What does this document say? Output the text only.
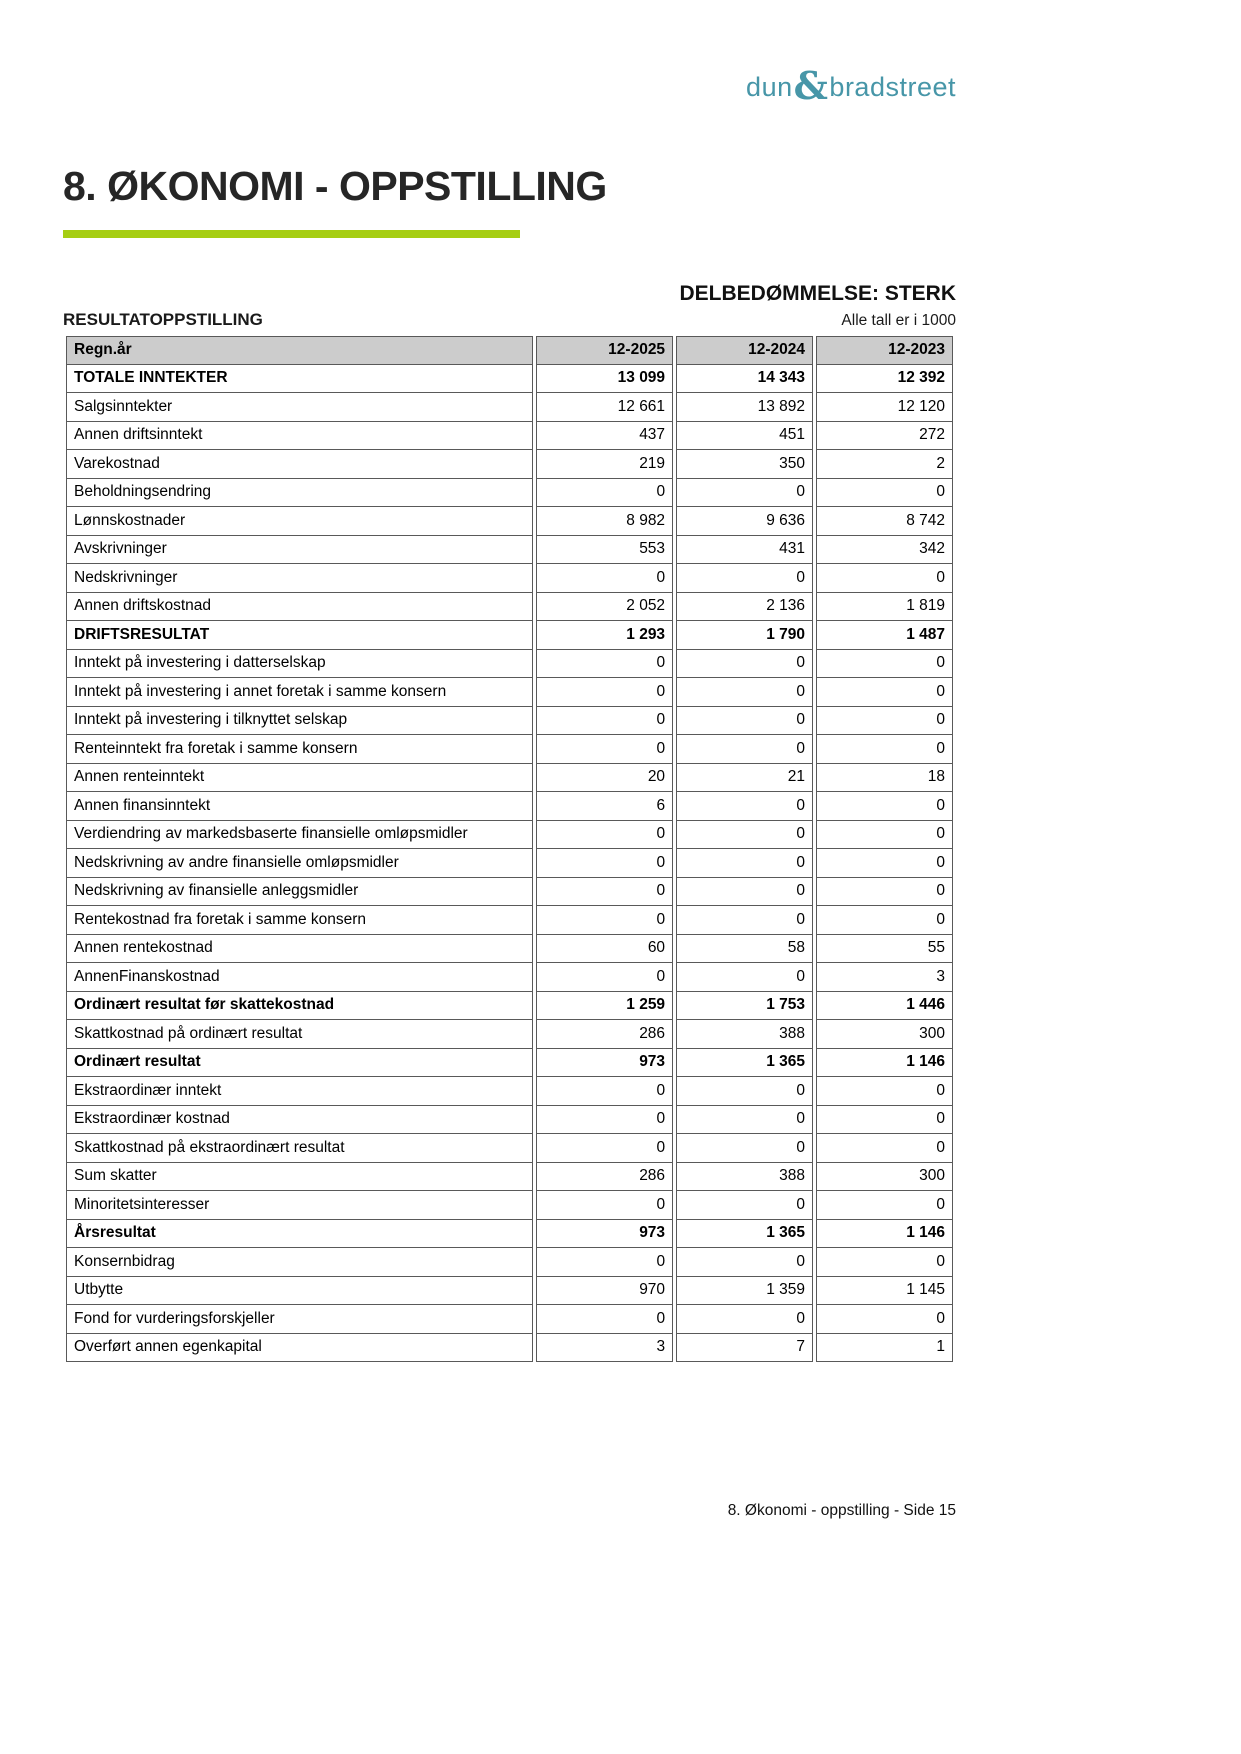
dun & bradstreet
8. ØKONOMI - OPPSTILLING
DELBEDØMMELSE: STERK
RESULTATOPPSTILLING	Alle tall er i 1000
Regn.år	12-2025	12-2024	12-2023
TOTALE INNTEKTER	13 099	14 343	12 392
Salgsinntekter	12 661	13 892	12 120
Annen driftsinntekt	437	451	272
Varekostnad	219	350	2
Beholdningsendring	0	0	0
Lønnskostnader	8 982	9 636	8 742
Avskrivninger	553	431	342
Nedskrivninger	0	0	0
Annen driftskostnad	2 052	2 136	1 819
DRIFTSRESULTAT	1 293	1 790	1 487
Inntekt på investering i datterselskap	0	0	0
Inntekt på investering i annet foretak i samme konsern	0	0	0
Inntekt på investering i tilknyttet selskap	0	0	0
Renteinntekt fra foretak i samme konsern	0	0	0
Annen renteinntekt	20	21	18
Annen finansinntekt	6	0	0
Verdiendring av markedsbaserte finansielle omløpsmidler	0	0	0
Nedskrivning av andre finansielle omløpsmidler	0	0	0
Nedskrivning av finansielle anleggsmidler	0	0	0
Rentekostnad fra foretak i samme konsern	0	0	0
Annen rentekostnad	60	58	55
AnnenFinanskostnad	0	0	3
Ordinært resultat før skattekostnad	1 259	1 753	1 446
Skattkostnad på ordinært resultat	286	388	300
Ordinært resultat	973	1 365	1 146
Ekstraordinær inntekt	0	0	0
Ekstraordinær kostnad	0	0	0
Skattkostnad på ekstraordinært resultat	0	0	0
Sum skatter	286	388	300
Minoritetsinteresser	0	0	0
Årsresultat	973	1 365	1 146
Konsernbidrag	0	0	0
Utbytte	970	1 359	1 145
Fond for vurderingsforskjeller	0	0	0
Overført annen egenkapital	3	7	1
8. Økonomi - oppstilling - Side 15
